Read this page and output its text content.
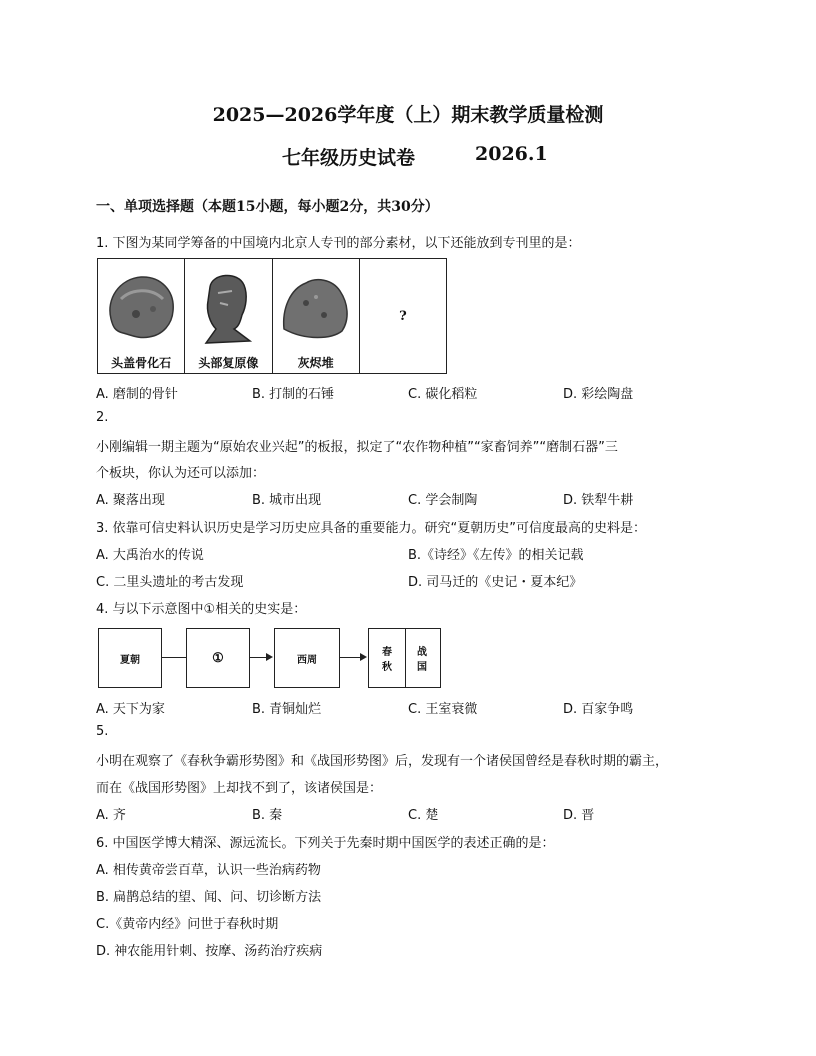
2025—2026学年度（上）期末教学质量检测
七年级历史试卷	2026.1
一、单项选择题（本题15小题，每小题2分，共30分）
1. 下图为某同学筹备的中国境内北京人专刊的部分素材，以下还能放到专刊里的是：
头盖骨化石	头部复原像	灰烬堆
?
A. 磨制的骨针	B. 打制的石锤	C. 碳化稻粒	D. 彩绘陶盘
2.
小刚编辑一期主题为“原始农业兴起”的板报，拟定了“农作物种植”“家畜饲养”“磨制石器”三
个板块，你认为还可以添加：
A. 聚落出现	B. 城市出现	C. 学会制陶	D. 铁犁牛耕
3. 依靠可信史料认识历史是学习历史应具备的重要能力。研究“夏朝历史”可信度最高的史料是：
A. 大禹治水的传说	B.《诗经》《左传》的相关记载
C. 二里头遗址的考古发现	D. 司马迁的《史记・夏本纪》
4. 与以下示意图中①相关的史实是：
夏朝	①	西周
春
秋
战
国
A. 天下为家	B. 青铜灿烂	C. 王室衰微	D. 百家争鸣
5.
小明在观察了《春秋争霸形势图》和《战国形势图》后，发现有一个诸侯国曾经是春秋时期的霸主，
而在《战国形势图》上却找不到了，该诸侯国是：
A. 齐	B. 秦	C. 楚	D. 晋
6. 中国医学博大精深、源远流长。下列关于先秦时期中国医学的表述正确的是：
A. 相传黄帝尝百草，认识一些治病药物
B. 扁鹊总结的望、闻、问、切诊断方法
C.《黄帝内经》问世于春秋时期
D. 神农能用针刺、按摩、汤药治疗疾病
